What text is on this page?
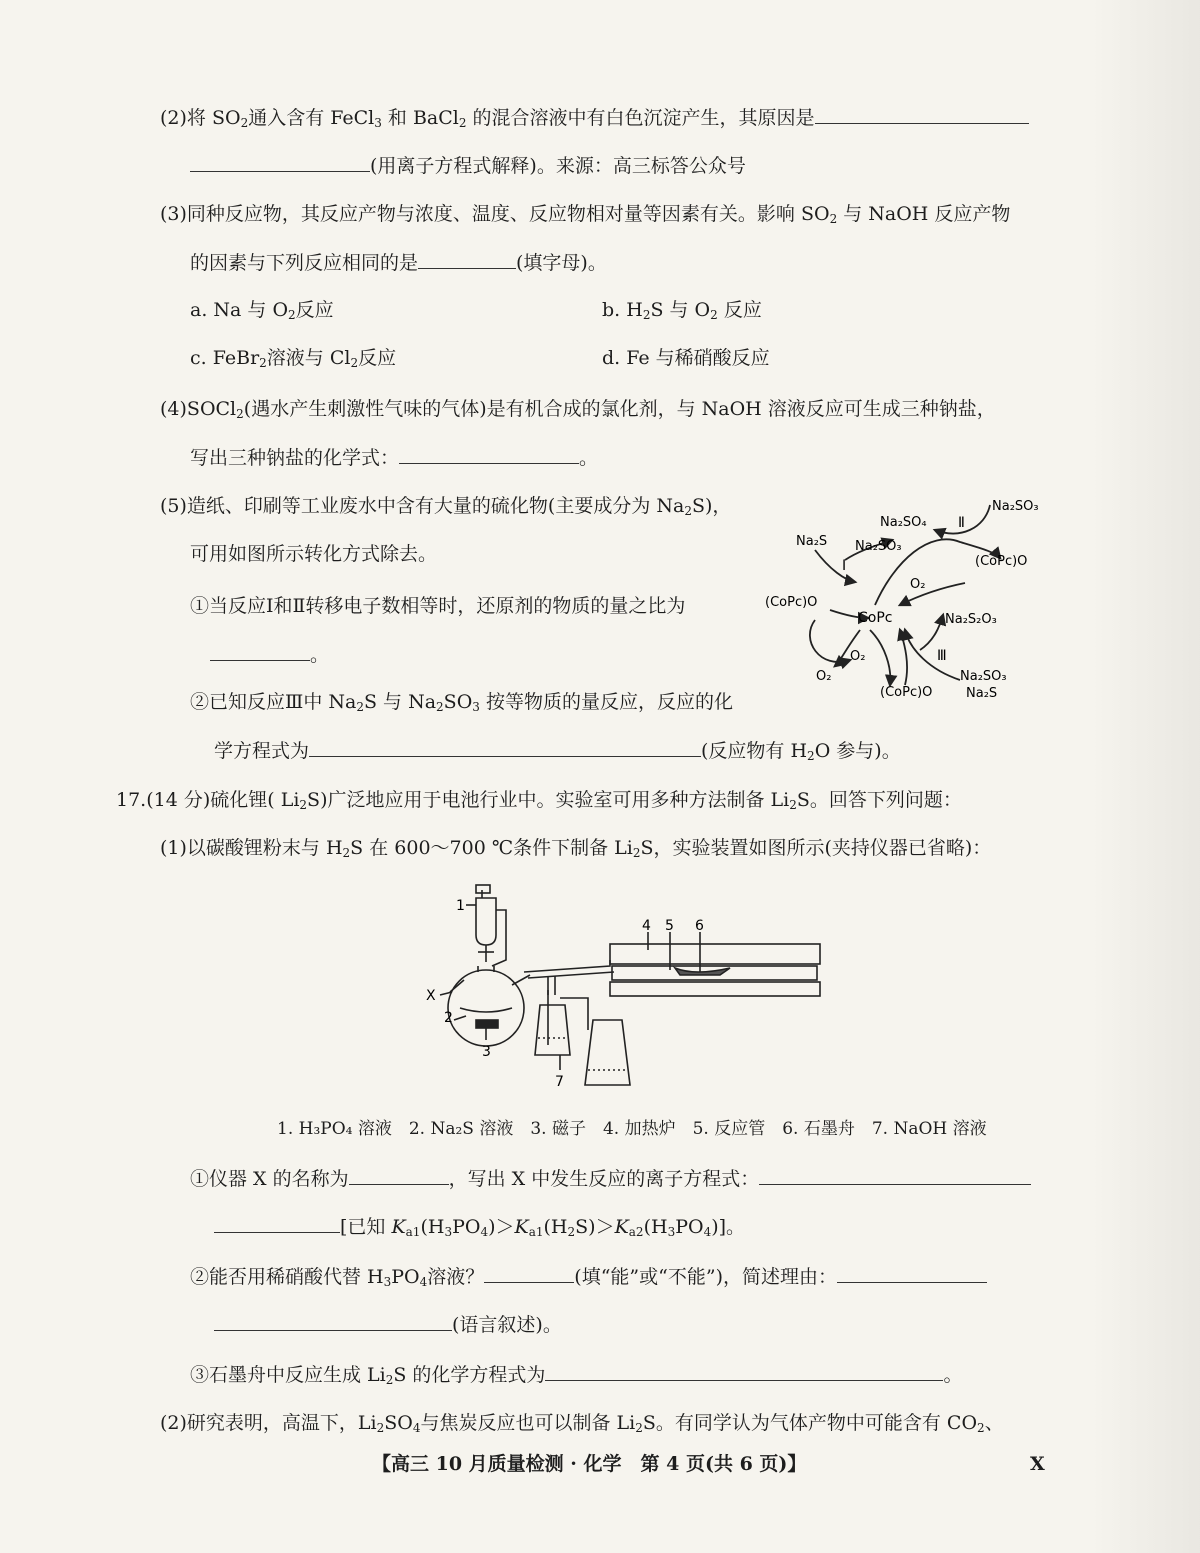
(2)将 $SO_2$通入含有 FeCl$_3$ 和 BaCl$_2$ 的混合溶液中有白色沉淀产生，其原因是
(用离子方程式解释)。来源：高三标答公众号
(3)同种反应物，其反应产物与浓度、温度、反应物相对量等因素有关。影响 $SO_2$ 与 NaOH 反应产物
的因素与下列反应相同的是	(填字母)。
a. Na 与 $O_2$反应	b. $H_2S$ 与 $O_2$ 反应
c. FeBr$_2$溶液与 $Cl_2$反应	d. Fe 与稀硝酸反应
(4)SOCl$_2$(遇水产生刺激性气味的气体)是有机合成的氯化剂，与 NaOH 溶液反应可生成三种钠盐，
写出三种钠盐的化学式：	。
(5)造纸、印刷等工业废水中含有大量的硫化物(主要成分为 $Na_2S$)，
可用如图所示转化方式除去。
①当反应Ⅰ和Ⅱ转移电子数相等时，还原剂的物质的量之比为
。
②已知反应Ⅲ中 $Na_2S$ 与 $Na_2SO_3$ 按等物质的量反应，反应的化
学方程式为	(反应物有 $H_2O$ 参与)。
Na₂SO₃
Na₂SO₄ Ⅱ
Na₂S Na₂SO₃
Ⅰ	(CoPc)O
O₂
(CoPc)O
CoPc	Na₂S₂O₃
Ⅲ
O₂
O₂
(CoPc)O
Na₂SO₃
Na₂S
17.(14 分)硫化锂( $Li_2S$)广泛地应用于电池行业中。实验室可用多种方法制备 $Li_2S$。回答下列问题：
(1)以碳酸锂粉末与 $H_2S$ 在 600～700 ℃条件下制备 $Li_2S$，实验装置如图所示(夹持仪器已省略)：
1
X
2
3
4 5 6
7
1. H₃PO₄ 溶液　 2. Na₂S 溶液　 3. 磁子　 4. 加热炉　 5. 反应管　 6. 石墨舟　 7. NaOH 溶液
①仪器 X 的名称为	，写出 X 中发生反应的离子方程式：
[已知 $K_{a1}(H_3PO_4)>K_{a1}(H_2S)>K_{a2}(H_3PO_4)$]。
②能否用稀硝酸代替 $H_3PO_4$溶液？	(填“能”或“不能”)，简述理由：
(语言叙述)。
③石墨舟中反应生成 $Li_2S$ 的化学方程式为	。
(2)研究表明，高温下，$Li_2SO_4$与焦炭反应也可以制备 $Li_2S$。有同学认为气体产物中可能含有 $CO_2$、
【高三 10 月质量检测 · 化学　第 4 页(共 6 页)】	X
